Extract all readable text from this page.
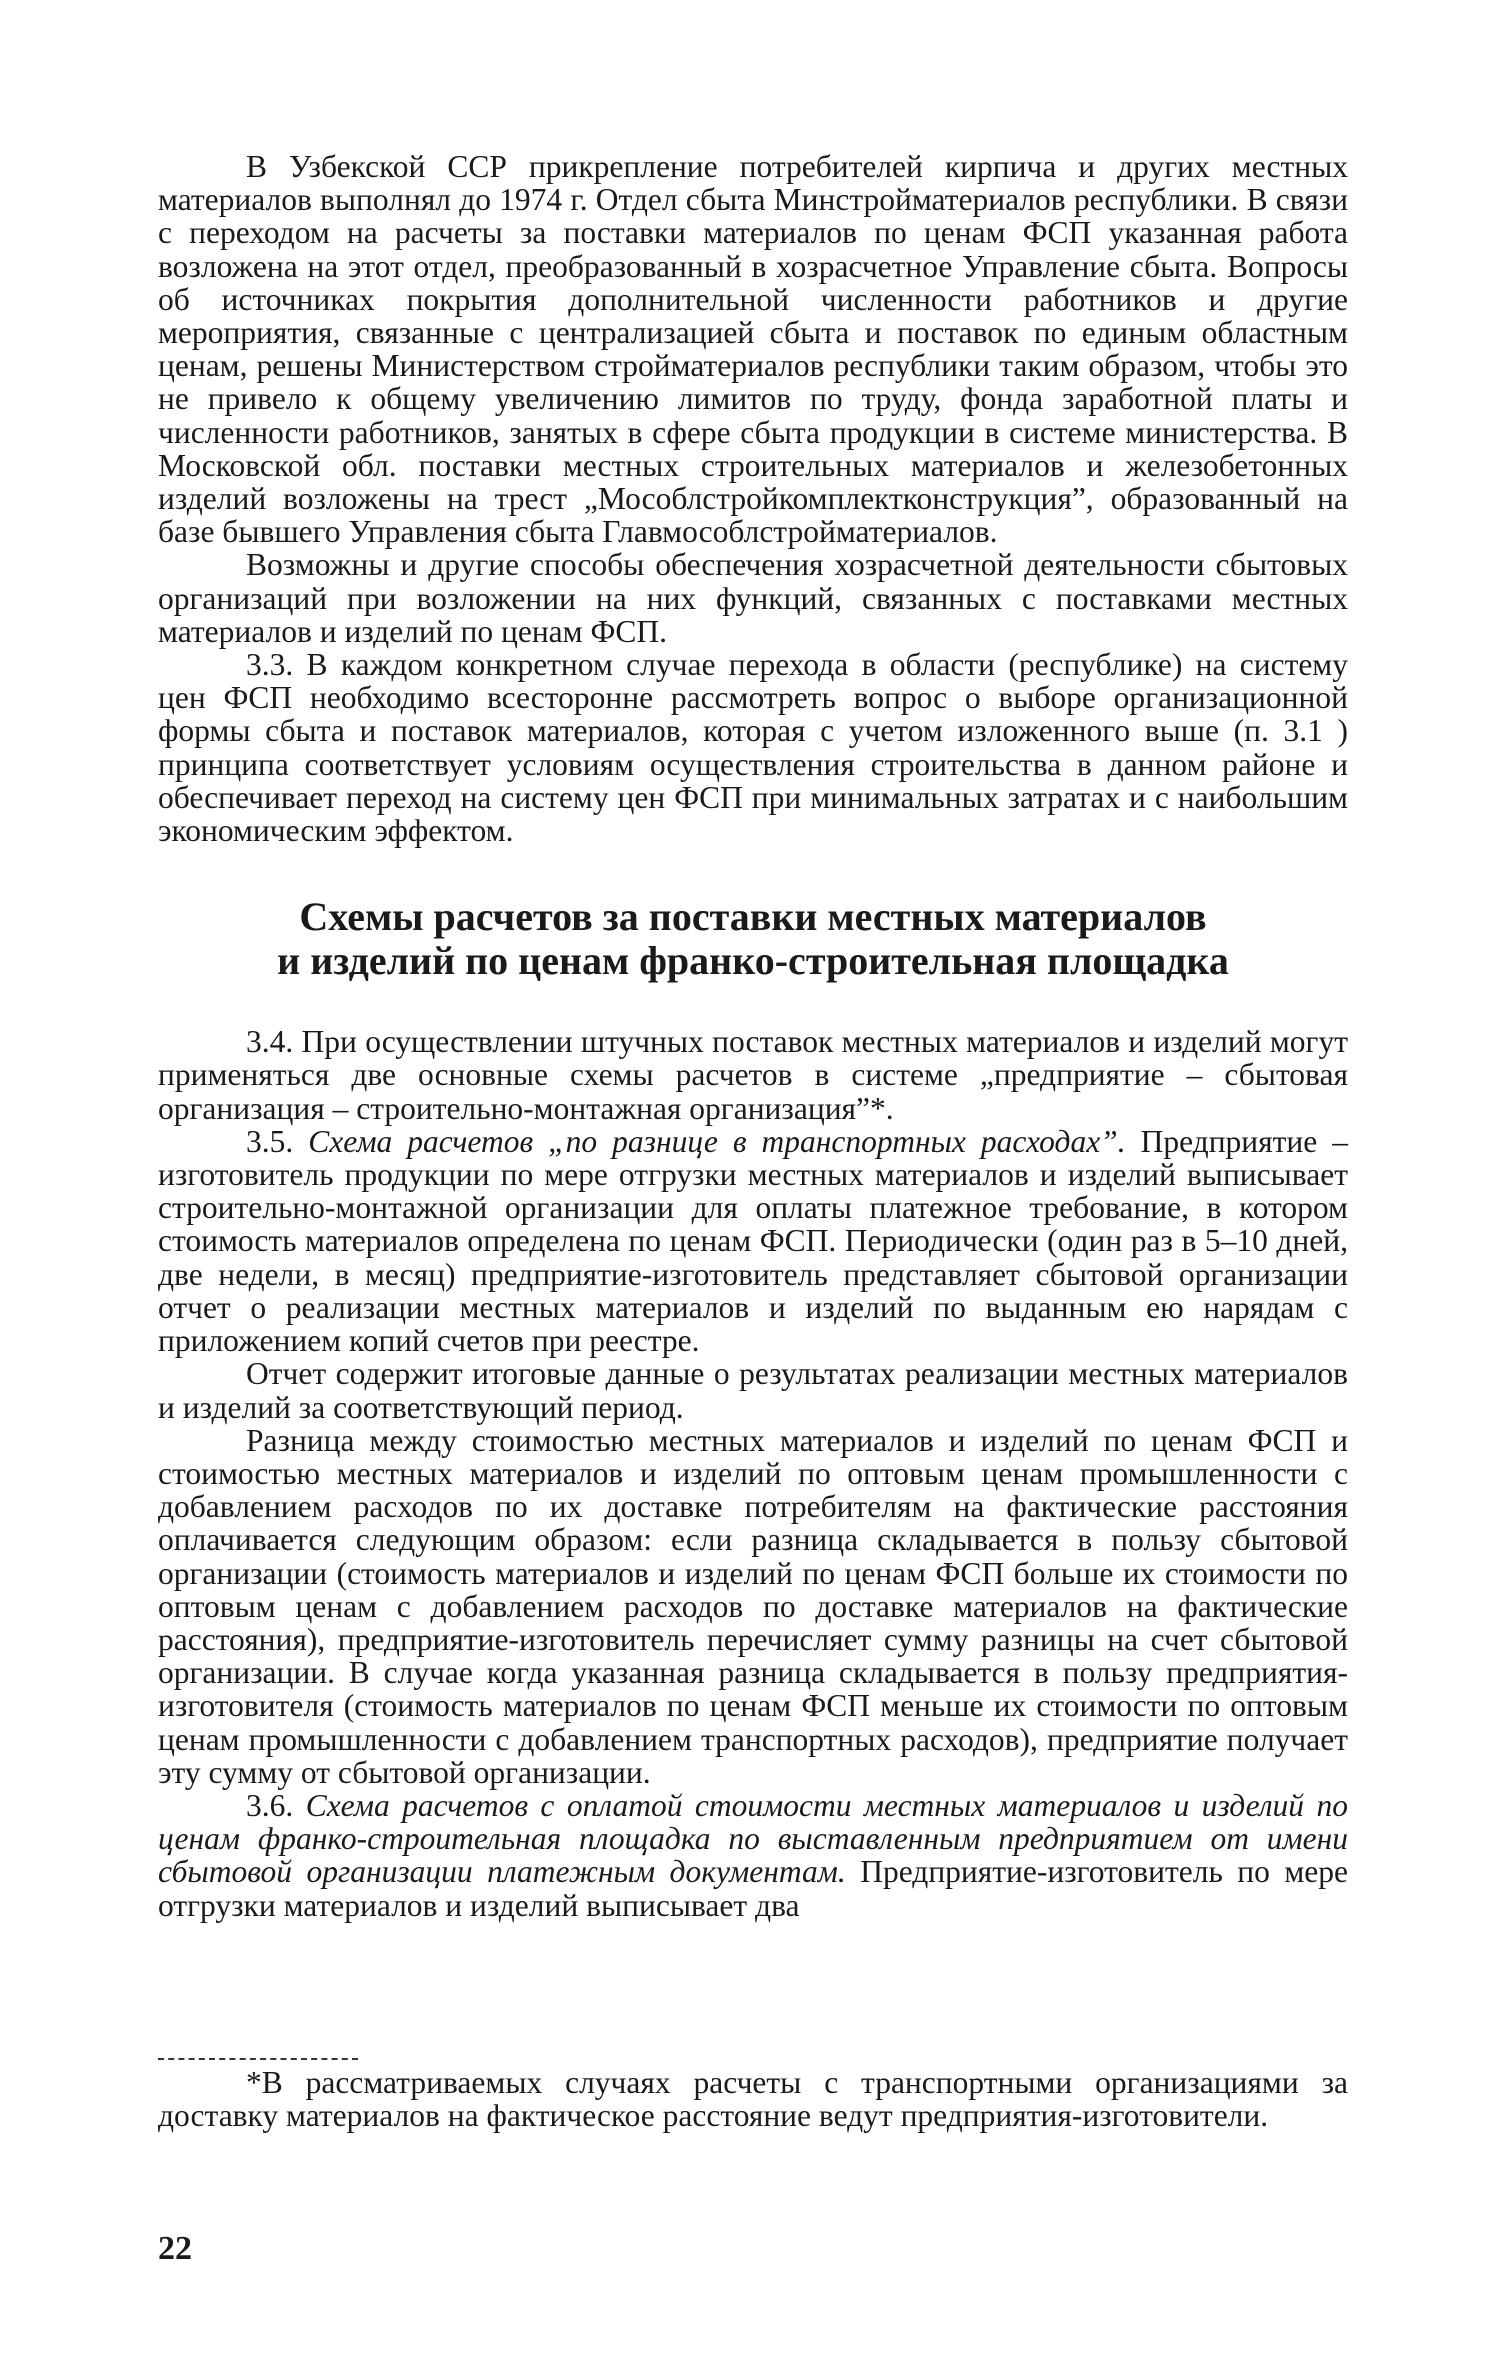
В Узбекской ССР прикрепление потребителей кирпича и других местных материалов выполнял до 1974 г. Отдел сбыта Минстройматериалов республики. В связи с переходом на расчеты за поставки материалов по ценам ФСП указанная работа возложена на этот отдел, преобразованный в хозрасчетное Управление сбыта. Вопросы об источниках покрытия дополнительной численности работников и другие мероприятия, связанные с централизацией сбыта и поставок по единым областным ценам, решены Министерством стройматериалов республики таким образом, чтобы это не привело к общему увеличению лимитов по труду, фонда заработной платы и численности работников, занятых в сфере сбыта продукции в системе министерства. В Московской обл. поставки местных строительных материалов и железобетонных изделий возложены на трест „Мособлстройкомплектконструкция”, образованный на базе бывшего Управления сбыта Главмособлстройматериалов.

Возможны и другие способы обеспечения хозрасчетной деятельности сбытовых организаций при возложении на них функций, связанных с поставками местных материалов и изделий по ценам ФСП.

3.3. В каждом конкретном случае перехода в области (республике) на систему цен ФСП необходимо всесторонне рассмотреть вопрос о выборе организационной формы сбыта и поставок материалов, которая с учетом изложенного выше (п. 3.1 ) принципа соответствует условиям осуществления строительства в данном районе и обеспечивает переход на систему цен ФСП при минимальных затратах и с наибольшим экономическим эффектом.

Схемы расчетов за поставки местных материалов
и изделий по ценам франко-строительная площадка

3.4. При осуществлении штучных поставок местных материалов и изделий могут применяться две основные схемы расчетов в системе „предприятие – сбытовая организация – строительно-монтажная организация”*.

3.5. Схема расчетов „по разнице в транспортных расходах”. Предприятие – изготовитель продукции по мере отгрузки местных материалов и изделий выписывает строительно-монтажной организации для оплаты платежное требование, в котором стоимость материалов определена по ценам ФСП. Периодически (один раз в 5–10 дней, две недели, в месяц) предприятие-изготовитель представляет сбытовой организации отчет о реализации местных материалов и изделий по выданным ею нарядам с приложением копий счетов при реестре.

Отчет содержит итоговые данные о результатах реализации местных материалов и изделий за соответствующий период.

Разница между стоимостью местных материалов и изделий по ценам ФСП и стоимостью местных материалов и изделий по оптовым ценам промышленности с добавлением расходов по их доставке потребителям на фактические расстояния оплачивается следующим образом: если разница складывается в пользу сбытовой организации (стоимость материалов и изделий по ценам ФСП больше их стоимости по оптовым ценам с добавлением расходов по доставке материалов на фактические расстояния), предприятие-изготовитель перечисляет сумму разницы на счет сбытовой организации. В случае когда указанная разница складывается в пользу предприятия-изготовителя (стоимость материалов по ценам ФСП меньше их стоимости по оптовым ценам промышленности с добавлением транспортных расходов), предприятие получает эту сумму от сбытовой организации.

3.6. Схема расчетов с оплатой стоимости местных материалов и изделий по ценам франко-строительная площадка по выставленным предприятием от имени сбытовой организации платежным документам. Предприятие-изготовитель по мере отгрузки материалов и изделий выписывает два

*В рассматриваемых случаях расчеты с транспортными организациями за доставку материалов на фактическое расстояние ведут предприятия-изготовители.

22
